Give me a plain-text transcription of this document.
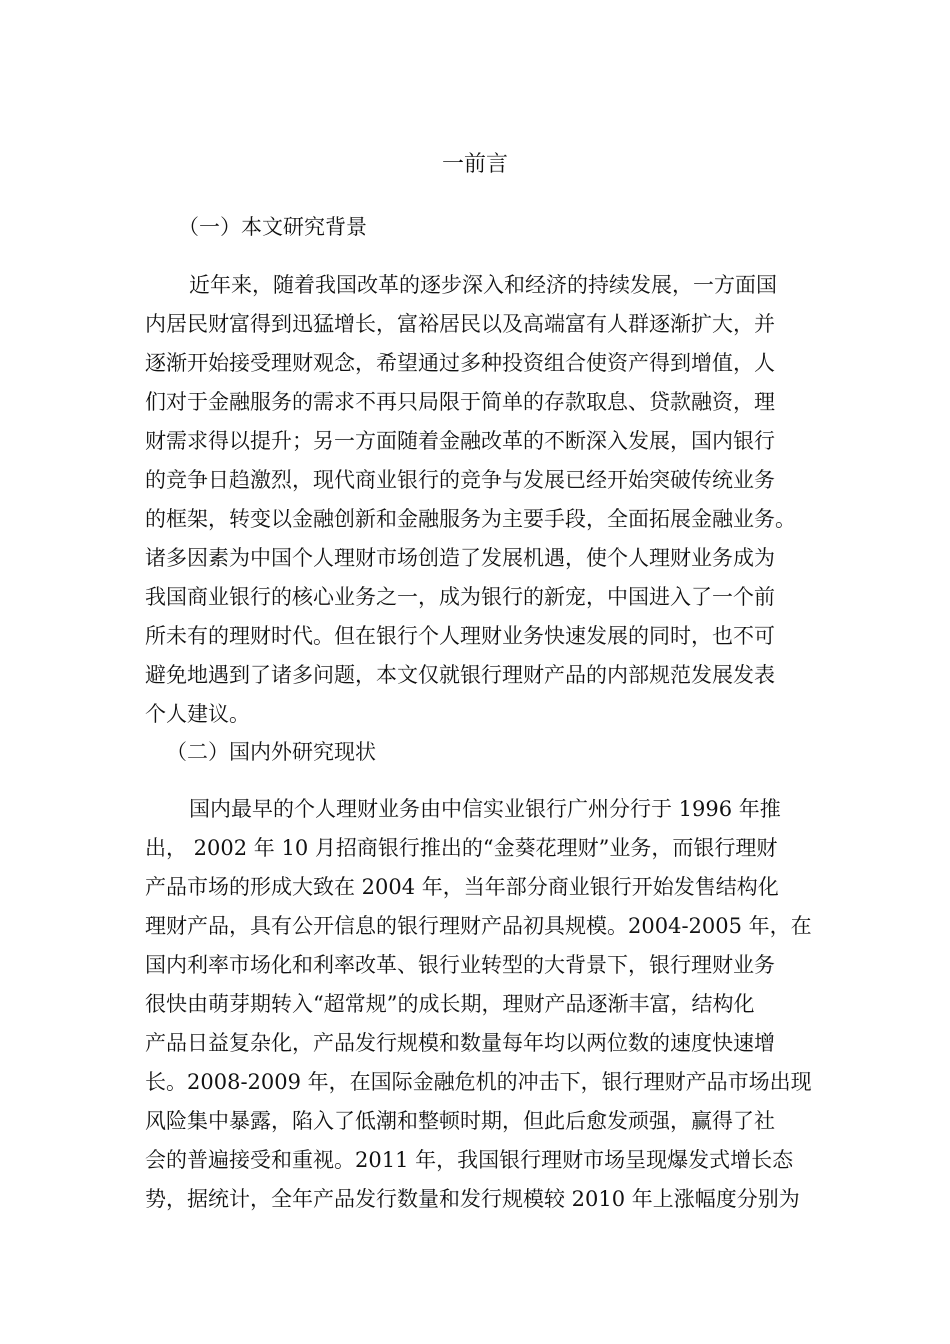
一前言
（一）本文研究背景
近年来，随着我国改革的逐步深入和经济的持续发展，一方面国
内居民财富得到迅猛增长，富裕居民以及高端富有人群逐渐扩大，并
逐渐开始接受理财观念，希望通过多种投资组合使资产得到增值，人
们对于金融服务的需求不再只局限于简单的存款取息、贷款融资，理
财需求得以提升；另一方面随着金融改革的不断深入发展，国内银行
的竞争日趋激烈，现代商业银行的竞争与发展已经开始突破传统业务
的框架，转变以金融创新和金融服务为主要手段，全面拓展金融业务。
诸多因素为中国个人理财市场创造了发展机遇，使个人理财业务成为
我国商业银行的核心业务之一，成为银行的新宠，中国进入了一个前
所未有的理财时代。但在银行个人理财业务快速发展的同时，也不可
避免地遇到了诸多问题，本文仅就银行理财产品的内部规范发展发表
个人建议。
（二）国内外研究现状
国内最早的个人理财业务由中信实业银行广州分行于 1996 年推
出， 2002 年 10 月招商银行推出的“金葵花理财”业务，而银行理财
产品市场的形成大致在 2004 年，当年部分商业银行开始发售结构化
理财产品，具有公开信息的银行理财产品初具规模。2004-2005 年，在
国内利率市场化和利率改革、银行业转型的大背景下，银行理财业务
很快由萌芽期转入“超常规”的成长期，理财产品逐渐丰富，结构化
产品日益复杂化，产品发行规模和数量每年均以两位数的速度快速增
长。2008-2009 年，在国际金融危机的冲击下，银行理财产品市场出现
风险集中暴露，陷入了低潮和整顿时期，但此后愈发顽强，赢得了社
会的普遍接受和重视。2011 年，我国银行理财市场呈现爆发式增长态
势，据统计，全年产品发行数量和发行规模较 2010 年上涨幅度分别为
